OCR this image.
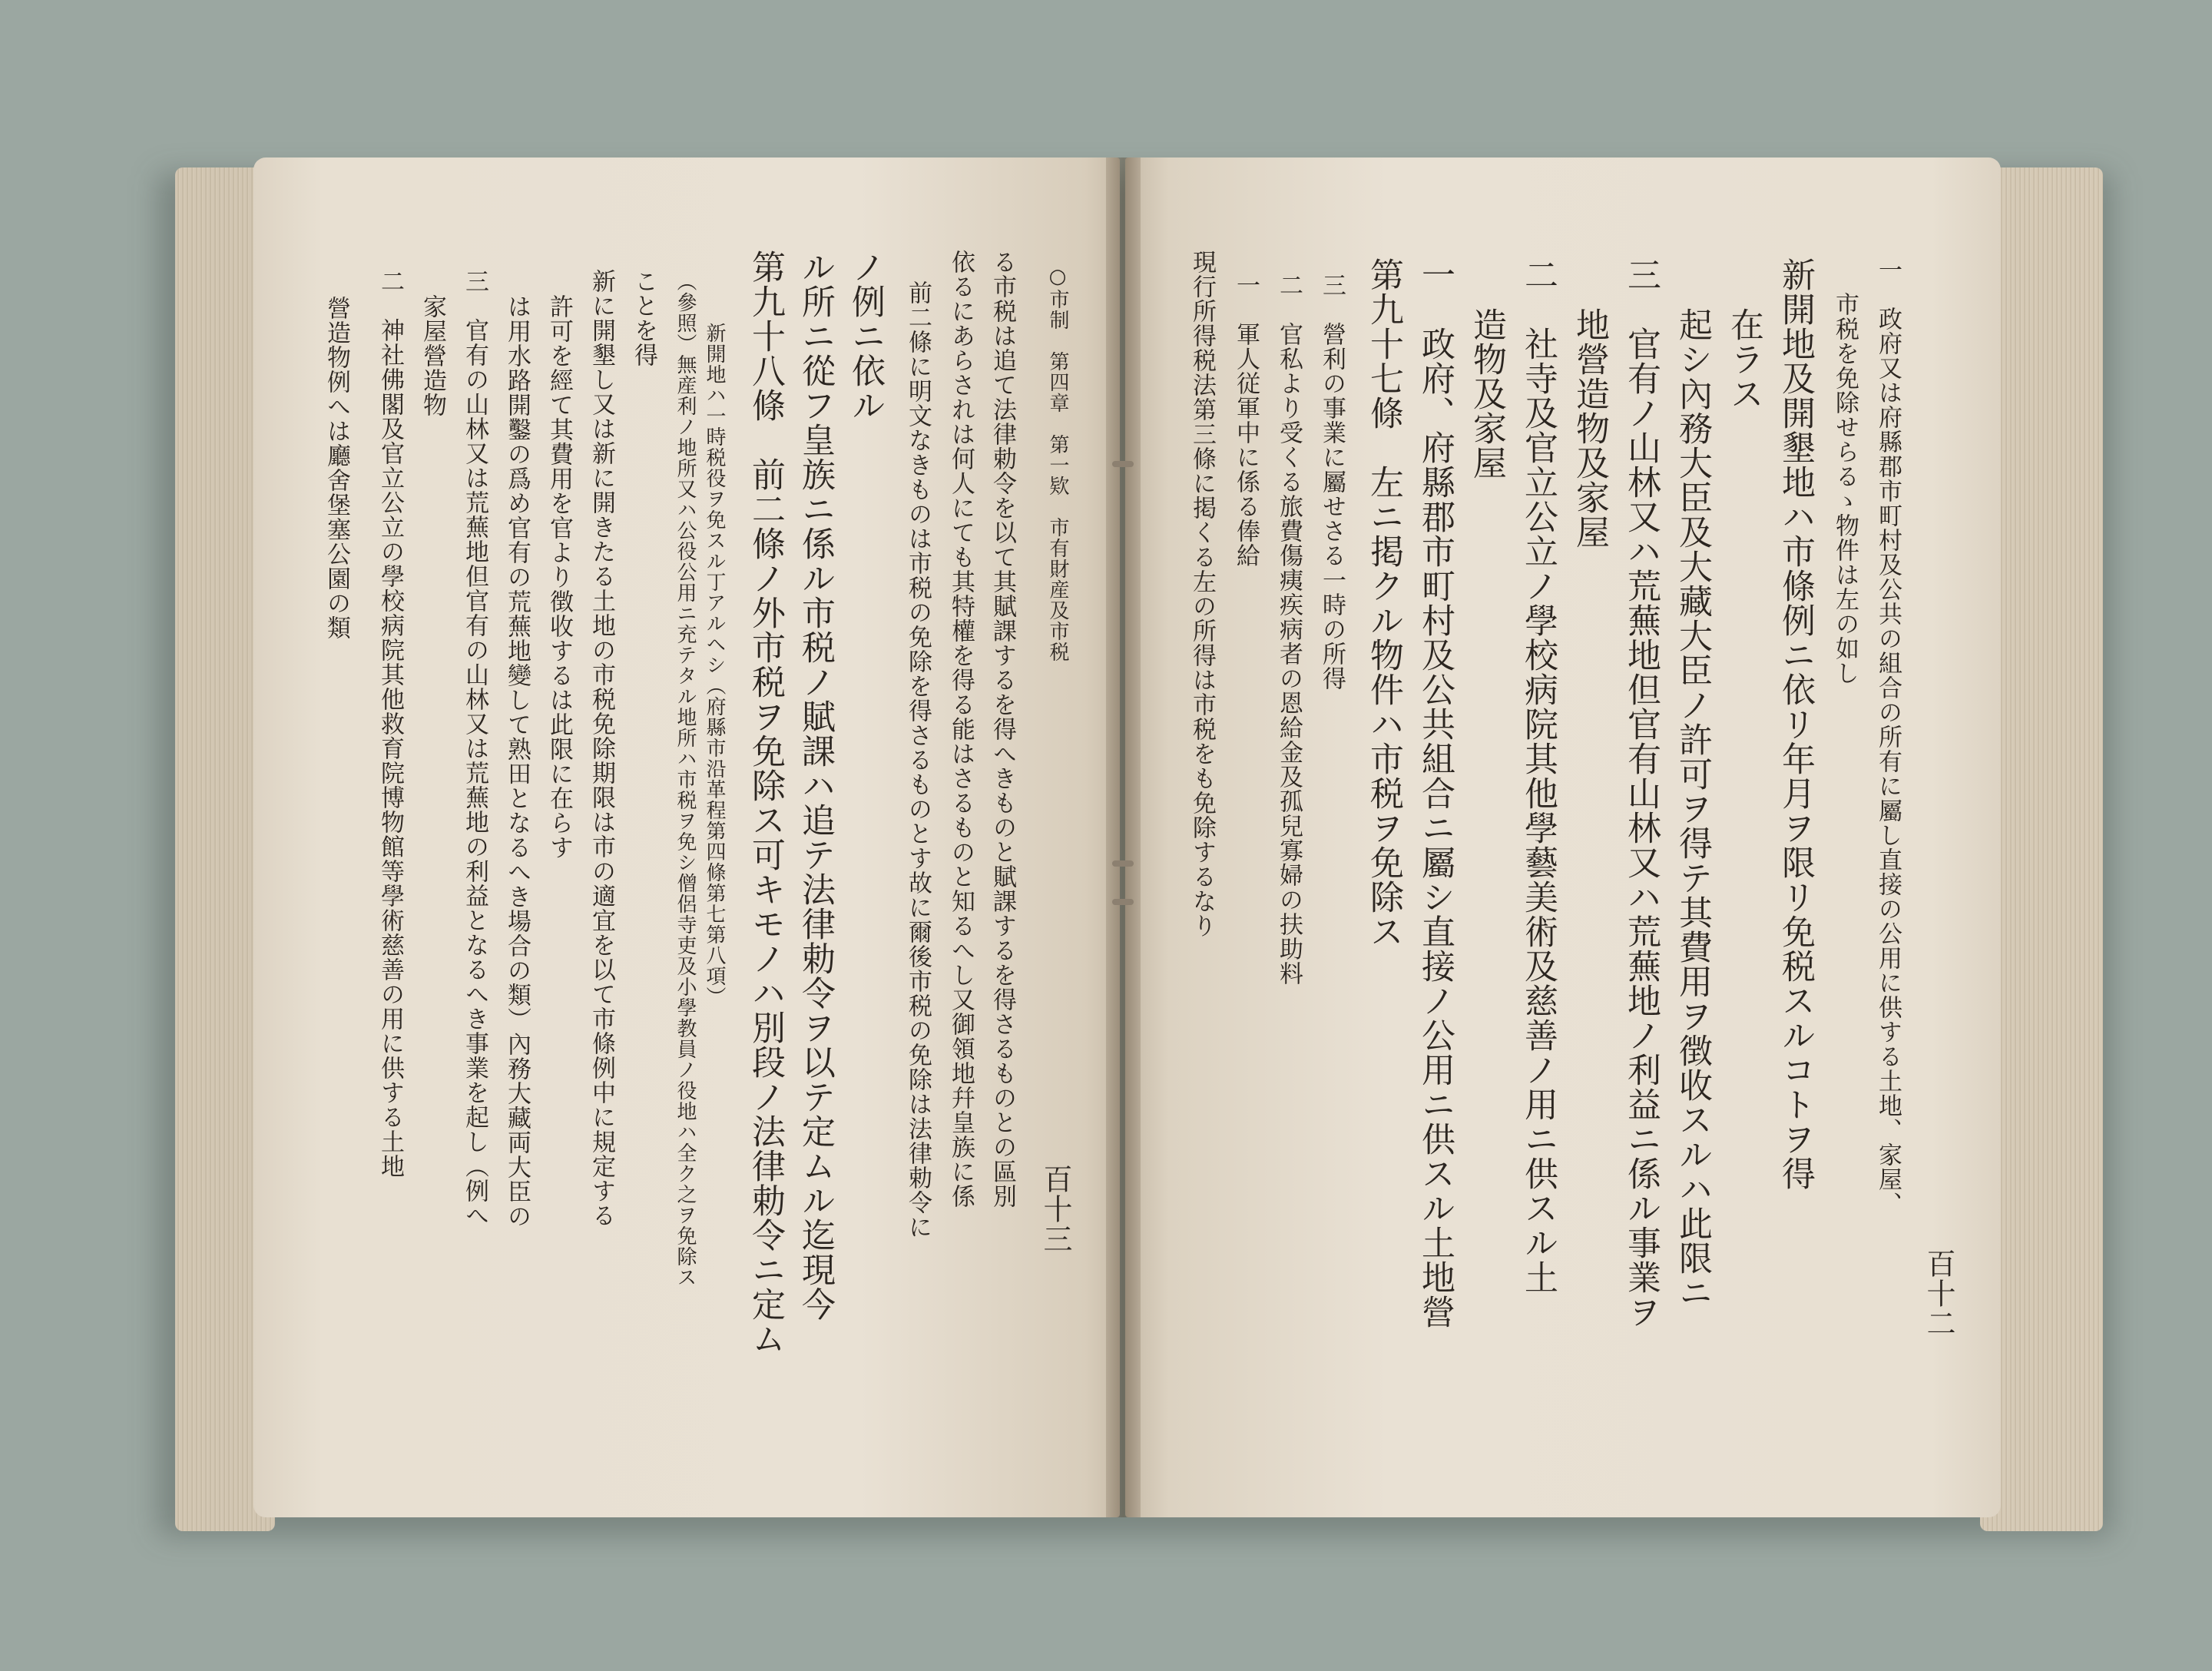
營造物例へは廳舍堡塞公園の類 二　神社佛閣及官立公立の學校病院其他救育院博物館等學術慈善の用に供する土地 家屋營造物 三　官有の山林又は荒蕪地但官有の山林又は荒蕪地の利益となるへき事業を起し（例へ は用水路開鑿の爲め官有の荒蕪地變して熟田となるへき場合の類）內務大藏両大臣の 許可を經て其費用を官より徴收するは此限に在らす 新に開墾し又は新に開きたる土地の市税免除期限は市の適宜を以て市條例中に規定する ことを得 （參照）無産利ノ地所又ハ公役公用ニ充テタル地所ハ市税ヲ免シ僧侶寺吏及小學教員ノ役地ハ全ク之ヲ免除ス 新開地ハ一時税役ヲ免スル丁アルヘシ（府縣市沿革程第四條第七第八項） 第九十八條　前二條ノ外市税ヲ免除ス可キモノハ別段ノ法律勅令ニ定ム ル所ニ從フ皇族ニ係ル市税ノ賦課ハ追テ法律勅令ヲ以テ定ムル迄現今 ノ例ニ依ル 前二條に明文なきものは市税の免除を得さるものとす故に爾後市税の免除は法律勅令に 依るにあらされは何人にても其特權を得る能はさるものと知るへし又御領地幷皇族に係 る市税は追て法律勅令を以て其賦課するを得へきものと賦課するを得さるものとの區別 ○市制　第四章　第一欵　市有財産及市税
百十三
現行所得税法第三條に掲くる左の所得は市税をも免除するなり 一　軍人従軍中に係る俸給 二　官私より受くる旅費傷痍疾病者の恩給金及孤兒寡婦の扶助料 三　營利の事業に屬せさる一時の所得 第九十七條　左ニ掲クル物件ハ市税ヲ免除ス 一　政府、府縣郡市町村及公共組合ニ屬シ直接ノ公用ニ供スル土地營 造物及家屋 二　社寺及官立公立ノ學校病院其他學藝美術及慈善ノ用ニ供スル土 地營造物及家屋 三　官有ノ山林又ハ荒蕪地但官有山林又ハ荒蕪地ノ利益ニ係ル事業ヲ 起シ內務大臣及大藏大臣ノ許可ヲ得テ其費用ヲ徴收スルハ此限ニ 在ラス 新開地及開墾地ハ市條例ニ依リ年月ヲ限リ免税スルコトヲ得 市税を免除せらるゝ物件は左の如し 一　政府又は府縣郡市町村及公共の組合の所有に屬し直接の公用に供する土地、家屋、
百十二
